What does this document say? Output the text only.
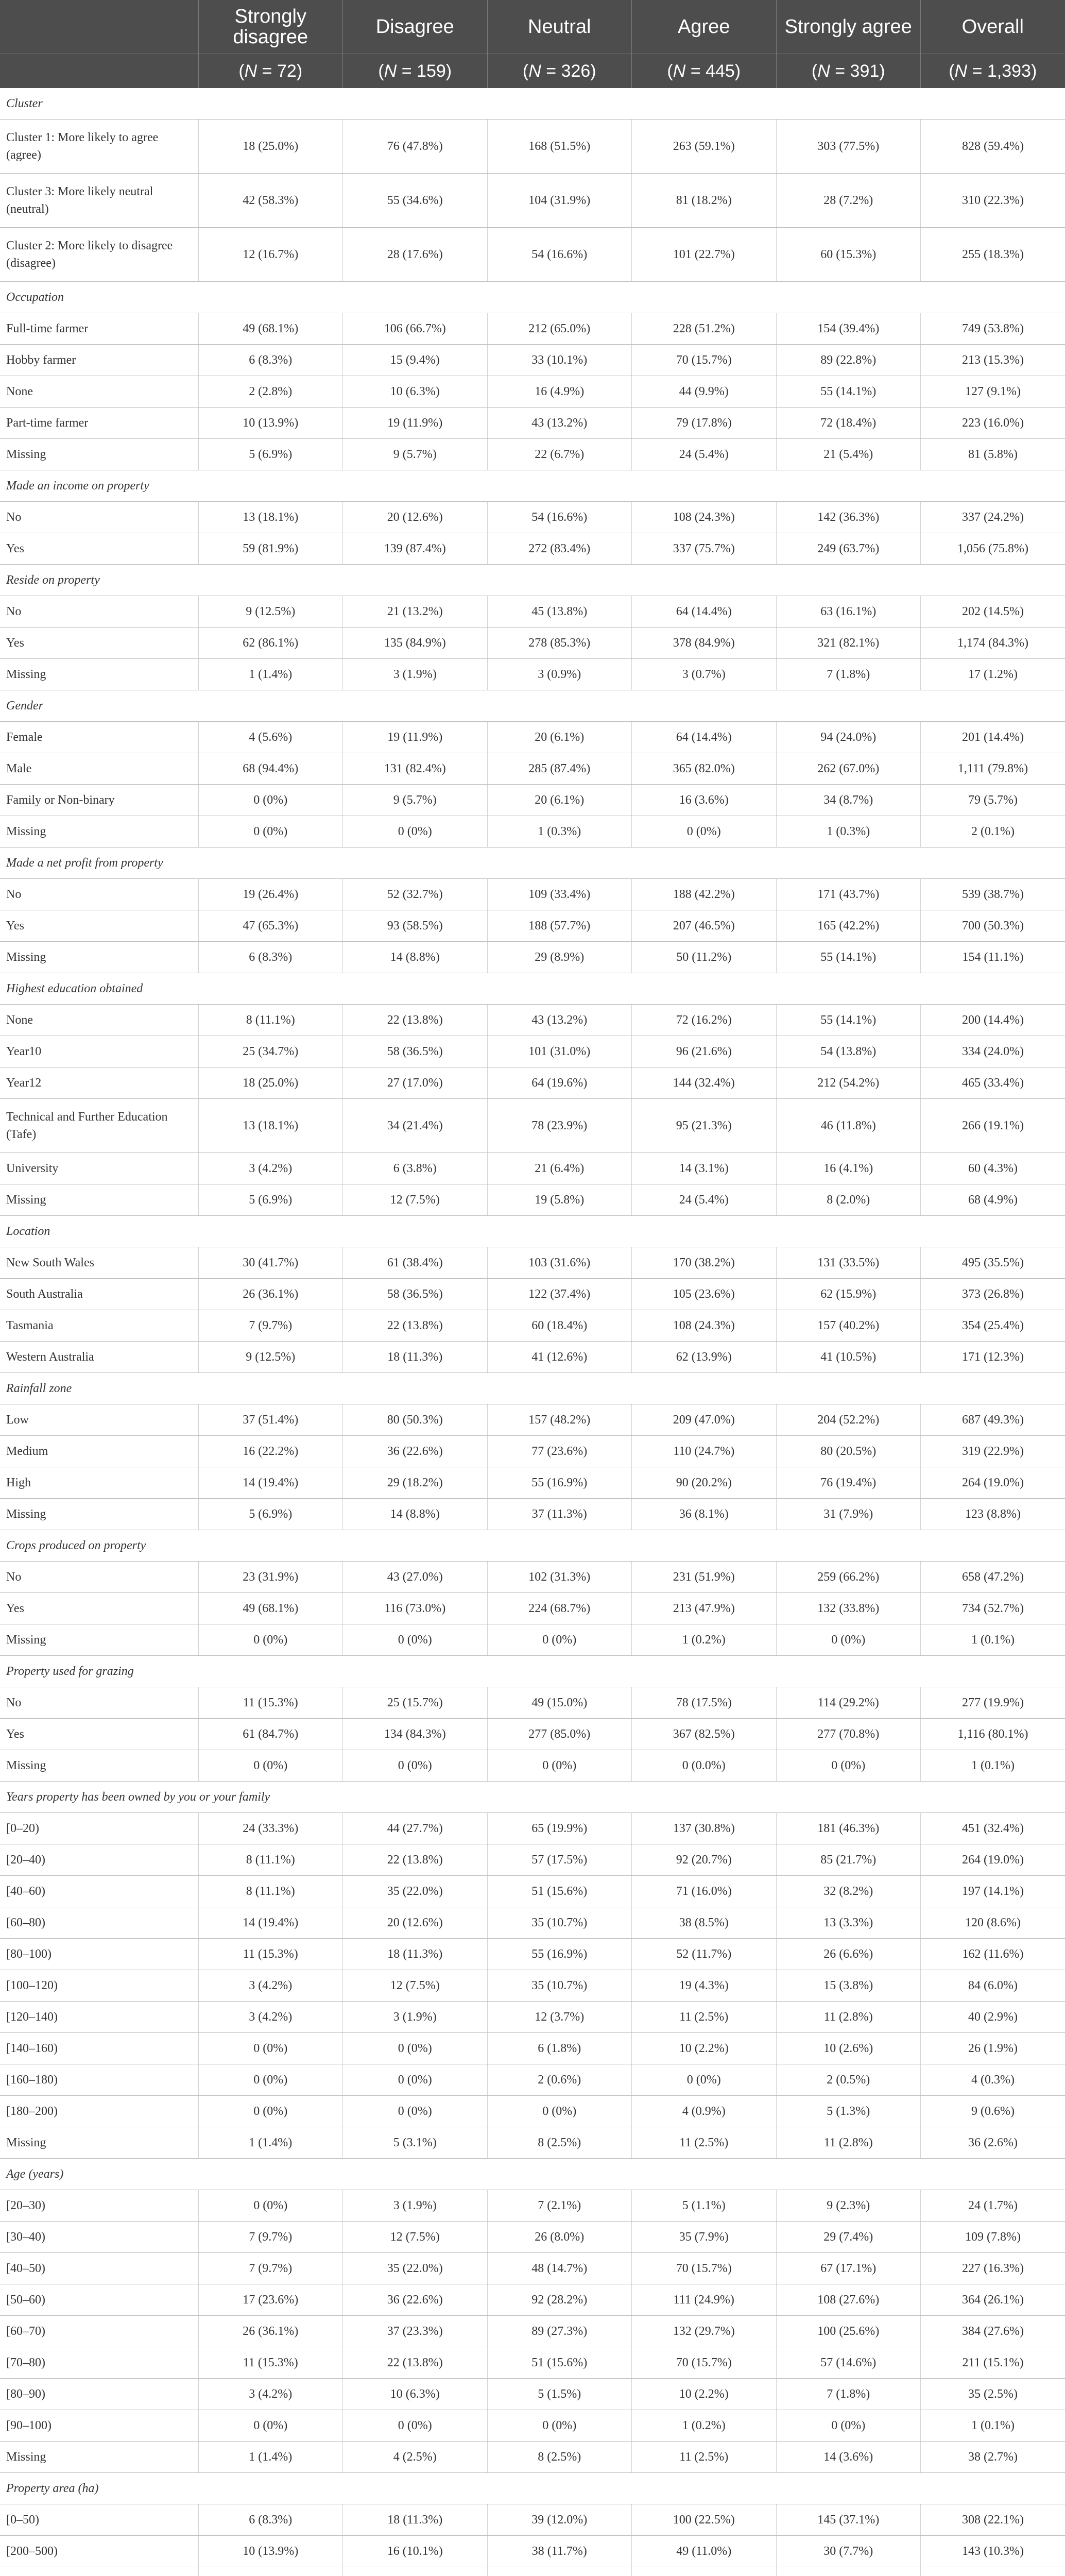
	Strongly disagree	Disagree	Neutral	Agree	Strongly agree	Overall
	(N = 72)	(N = 159)	(N = 326)	(N = 445)	(N = 391)	(N = 1,393)
Cluster						
Cluster 1: More likely to agree (agree)	18 (25.0%)	76 (47.8%)	168 (51.5%)	263 (59.1%)	303 (77.5%)	828 (59.4%)
Cluster 3: More likely neutral (neutral)	42 (58.3%)	55 (34.6%)	104 (31.9%)	81 (18.2%)	28 (7.2%)	310 (22.3%)
Cluster 2: More likely to disagree (disagree)	12 (16.7%)	28 (17.6%)	54 (16.6%)	101 (22.7%)	60 (15.3%)	255 (18.3%)
Occupation						
Full-time farmer	49 (68.1%)	106 (66.7%)	212 (65.0%)	228 (51.2%)	154 (39.4%)	749 (53.8%)
Hobby farmer	6 (8.3%)	15 (9.4%)	33 (10.1%)	70 (15.7%)	89 (22.8%)	213 (15.3%)
None	2 (2.8%)	10 (6.3%)	16 (4.9%)	44 (9.9%)	55 (14.1%)	127 (9.1%)
Part-time farmer	10 (13.9%)	19 (11.9%)	43 (13.2%)	79 (17.8%)	72 (18.4%)	223 (16.0%)
Missing	5 (6.9%)	9 (5.7%)	22 (6.7%)	24 (5.4%)	21 (5.4%)	81 (5.8%)
Made an income on property						
No	13 (18.1%)	20 (12.6%)	54 (16.6%)	108 (24.3%)	142 (36.3%)	337 (24.2%)
Yes	59 (81.9%)	139 (87.4%)	272 (83.4%)	337 (75.7%)	249 (63.7%)	1,056 (75.8%)
Reside on property						
No	9 (12.5%)	21 (13.2%)	45 (13.8%)	64 (14.4%)	63 (16.1%)	202 (14.5%)
Yes	62 (86.1%)	135 (84.9%)	278 (85.3%)	378 (84.9%)	321 (82.1%)	1,174 (84.3%)
Missing	1 (1.4%)	3 (1.9%)	3 (0.9%)	3 (0.7%)	7 (1.8%)	17 (1.2%)
Gender						
Female	4 (5.6%)	19 (11.9%)	20 (6.1%)	64 (14.4%)	94 (24.0%)	201 (14.4%)
Male	68 (94.4%)	131 (82.4%)	285 (87.4%)	365 (82.0%)	262 (67.0%)	1,111 (79.8%)
Family or Non-binary	0 (0%)	9 (5.7%)	20 (6.1%)	16 (3.6%)	34 (8.7%)	79 (5.7%)
Missing	0 (0%)	0 (0%)	1 (0.3%)	0 (0%)	1 (0.3%)	2 (0.1%)
Made a net profit from property						
No	19 (26.4%)	52 (32.7%)	109 (33.4%)	188 (42.2%)	171 (43.7%)	539 (38.7%)
Yes	47 (65.3%)	93 (58.5%)	188 (57.7%)	207 (46.5%)	165 (42.2%)	700 (50.3%)
Missing	6 (8.3%)	14 (8.8%)	29 (8.9%)	50 (11.2%)	55 (14.1%)	154 (11.1%)
Highest education obtained						
None	8 (11.1%)	22 (13.8%)	43 (13.2%)	72 (16.2%)	55 (14.1%)	200 (14.4%)
Year10	25 (34.7%)	58 (36.5%)	101 (31.0%)	96 (21.6%)	54 (13.8%)	334 (24.0%)
Year12	18 (25.0%)	27 (17.0%)	64 (19.6%)	144 (32.4%)	212 (54.2%)	465 (33.4%)
Technical and Further Education (Tafe)	13 (18.1%)	34 (21.4%)	78 (23.9%)	95 (21.3%)	46 (11.8%)	266 (19.1%)
University	3 (4.2%)	6 (3.8%)	21 (6.4%)	14 (3.1%)	16 (4.1%)	60 (4.3%)
Missing	5 (6.9%)	12 (7.5%)	19 (5.8%)	24 (5.4%)	8 (2.0%)	68 (4.9%)
Location						
New South Wales	30 (41.7%)	61 (38.4%)	103 (31.6%)	170 (38.2%)	131 (33.5%)	495 (35.5%)
South Australia	26 (36.1%)	58 (36.5%)	122 (37.4%)	105 (23.6%)	62 (15.9%)	373 (26.8%)
Tasmania	7 (9.7%)	22 (13.8%)	60 (18.4%)	108 (24.3%)	157 (40.2%)	354 (25.4%)
Western Australia	9 (12.5%)	18 (11.3%)	41 (12.6%)	62 (13.9%)	41 (10.5%)	171 (12.3%)
Rainfall zone						
Low	37 (51.4%)	80 (50.3%)	157 (48.2%)	209 (47.0%)	204 (52.2%)	687 (49.3%)
Medium	16 (22.2%)	36 (22.6%)	77 (23.6%)	110 (24.7%)	80 (20.5%)	319 (22.9%)
High	14 (19.4%)	29 (18.2%)	55 (16.9%)	90 (20.2%)	76 (19.4%)	264 (19.0%)
Missing	5 (6.9%)	14 (8.8%)	37 (11.3%)	36 (8.1%)	31 (7.9%)	123 (8.8%)
Crops produced on property						
No	23 (31.9%)	43 (27.0%)	102 (31.3%)	231 (51.9%)	259 (66.2%)	658 (47.2%)
Yes	49 (68.1%)	116 (73.0%)	224 (68.7%)	213 (47.9%)	132 (33.8%)	734 (52.7%)
Missing	0 (0%)	0 (0%)	0 (0%)	1 (0.2%)	0 (0%)	1 (0.1%)
Property used for grazing						
No	11 (15.3%)	25 (15.7%)	49 (15.0%)	78 (17.5%)	114 (29.2%)	277 (19.9%)
Yes	61 (84.7%)	134 (84.3%)	277 (85.0%)	367 (82.5%)	277 (70.8%)	1,116 (80.1%)
Missing	0 (0%)	0 (0%)	0 (0%)	0 (0.0%)	0 (0%)	1 (0.1%)
Years property has been owned by you or your family						
[0–20)	24 (33.3%)	44 (27.7%)	65 (19.9%)	137 (30.8%)	181 (46.3%)	451 (32.4%)
[20–40)	8 (11.1%)	22 (13.8%)	57 (17.5%)	92 (20.7%)	85 (21.7%)	264 (19.0%)
[40–60)	8 (11.1%)	35 (22.0%)	51 (15.6%)	71 (16.0%)	32 (8.2%)	197 (14.1%)
[60–80)	14 (19.4%)	20 (12.6%)	35 (10.7%)	38 (8.5%)	13 (3.3%)	120 (8.6%)
[80–100)	11 (15.3%)	18 (11.3%)	55 (16.9%)	52 (11.7%)	26 (6.6%)	162 (11.6%)
[100–120)	3 (4.2%)	12 (7.5%)	35 (10.7%)	19 (4.3%)	15 (3.8%)	84 (6.0%)
[120–140)	3 (4.2%)	3 (1.9%)	12 (3.7%)	11 (2.5%)	11 (2.8%)	40 (2.9%)
[140–160)	0 (0%)	0 (0%)	6 (1.8%)	10 (2.2%)	10 (2.6%)	26 (1.9%)
[160–180)	0 (0%)	0 (0%)	2 (0.6%)	0 (0%)	2 (0.5%)	4 (0.3%)
[180–200)	0 (0%)	0 (0%)	0 (0%)	4 (0.9%)	5 (1.3%)	9 (0.6%)
Missing	1 (1.4%)	5 (3.1%)	8 (2.5%)	11 (2.5%)	11 (2.8%)	36 (2.6%)
Age (years)						
[20–30)	0 (0%)	3 (1.9%)	7 (2.1%)	5 (1.1%)	9 (2.3%)	24 (1.7%)
[30–40)	7 (9.7%)	12 (7.5%)	26 (8.0%)	35 (7.9%)	29 (7.4%)	109 (7.8%)
[40–50)	7 (9.7%)	35 (22.0%)	48 (14.7%)	70 (15.7%)	67 (17.1%)	227 (16.3%)
[50–60)	17 (23.6%)	36 (22.6%)	92 (28.2%)	111 (24.9%)	108 (27.6%)	364 (26.1%)
[60–70)	26 (36.1%)	37 (23.3%)	89 (27.3%)	132 (29.7%)	100 (25.6%)	384 (27.6%)
[70–80)	11 (15.3%)	22 (13.8%)	51 (15.6%)	70 (15.7%)	57 (14.6%)	211 (15.1%)
[80–90)	3 (4.2%)	10 (6.3%)	5 (1.5%)	10 (2.2%)	7 (1.8%)	35 (2.5%)
[90–100)	0 (0%)	0 (0%)	0 (0%)	1 (0.2%)	0 (0%)	1 (0.1%)
Missing	1 (1.4%)	4 (2.5%)	8 (2.5%)	11 (2.5%)	14 (3.6%)	38 (2.7%)
Property area (ha)						
[0–50)	6 (8.3%)	18 (11.3%)	39 (12.0%)	100 (22.5%)	145 (37.1%)	308 (22.1%)
[200–500)	10 (13.9%)	16 (10.1%)	38 (11.7%)	49 (11.0%)	30 (7.7%)	143 (10.3%)
